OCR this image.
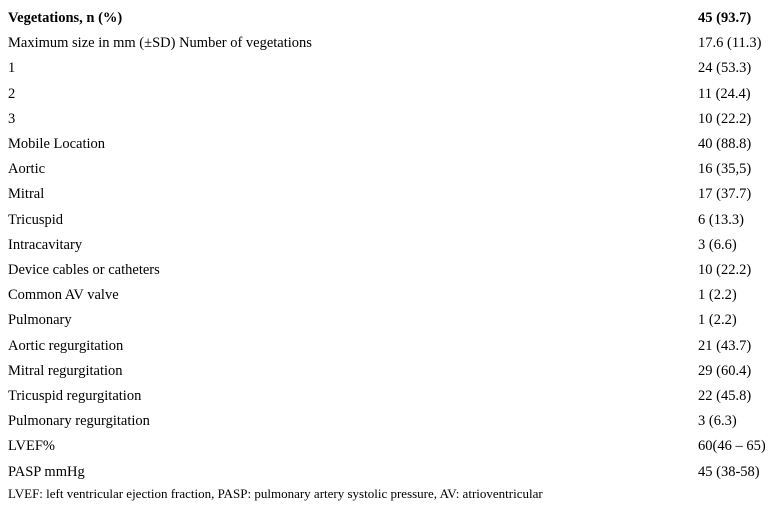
Vegetations, n (%)	45 (93.7)
Maximum size in mm (±SD) Number of vegetations	17.6 (11.3)
1	24 (53.3)
2	11 (24.4)
3	10 (22.2)
Mobile Location	40 (88.8)
Aortic	16 (35,5)
Mitral	17 (37.7)
Tricuspid	6 (13.3)
Intracavitary	3 (6.6)
Device cables or catheters	10 (22.2)
Common AV valve	1 (2.2)
Pulmonary	1 (2.2)
Aortic regurgitation	21 (43.7)
Mitral regurgitation	29 (60.4)
Tricuspid regurgitation	22 (45.8)
Pulmonary regurgitation	3 (6.3)
LVEF%	60(46 – 65)
PASP mmHg	45 (38-58)
LVEF: left ventricular ejection fraction, PASP: pulmonary artery systolic pressure, AV: atrioventricular
